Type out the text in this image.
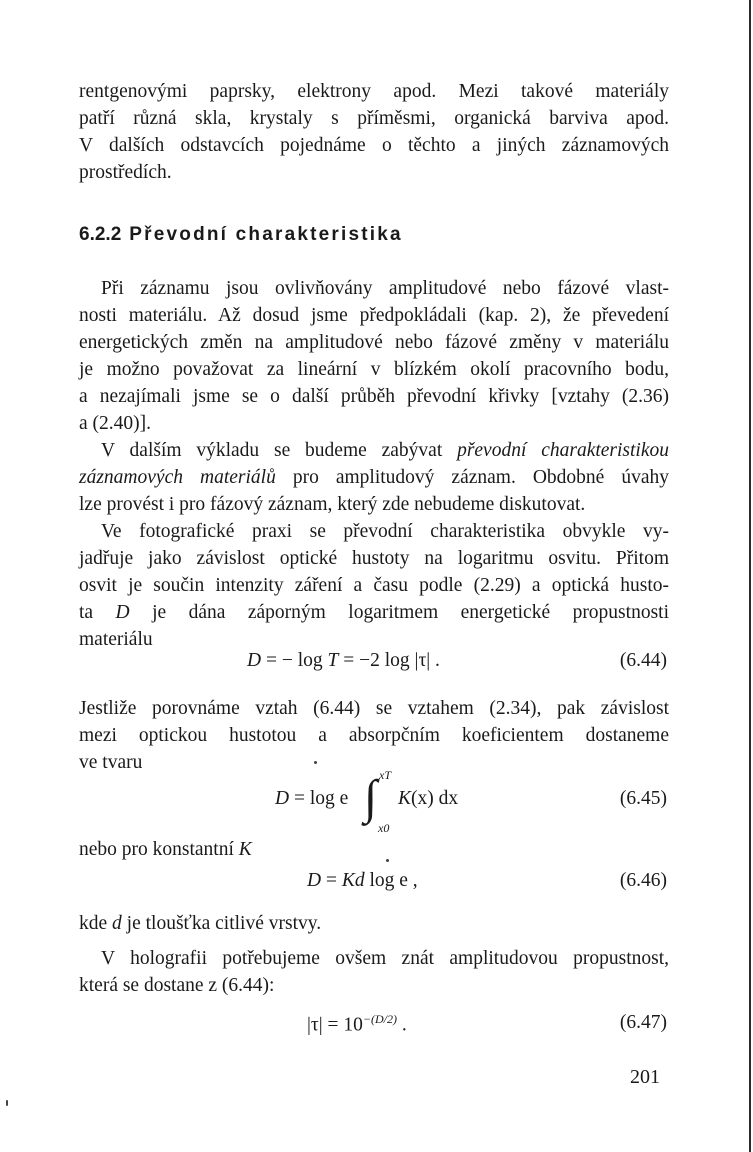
rentgenovými paprsky, elektrony apod. Mezi takové materiály
patří různá skla, krystaly s příměsmi, organická barviva apod.
V dalších odstavcích pojednáme o těchto a jiných záznamových
prostředích.
6.2.2 Převodní charakteristika
Při záznamu jsou ovlivňovány amplitudové nebo fázové vlast-
nosti materiálu. Až dosud jsme předpokládali (kap. 2), že převedení
energetických změn na amplitudové nebo fázové změny v materiálu
je možno považovat za lineární v blízkém okolí pracovního bodu,
a nezajímali jsme se o další průběh převodní křivky [vztahy (2.36)
a (2.40)].
V dalším výkladu se budeme zabývat převodní charakteristikou
záznamových materiálů pro amplitudový záznam. Obdobné úvahy
lze provést i pro fázový záznam, který zde nebudeme diskutovat.
Ve fotografické praxi se převodní charakteristika obvykle vy-
jadřuje jako závislost optické hustoty na logaritmu osvitu. Přitom
osvit je součin intenzity záření a času podle (2.29) a optická husto-
ta D je dána záporným logaritmem energetické propustnosti
materiálu
D = − log T = −2 log |τ| .	(6.44)
Jestliže porovnáme vztah (6.44) se vztahem (2.34), pak závislost
mezi optickou hustotou a absorpčním koeficientem dostaneme
ve tvaru
D = log e ∫ xT
x0
K(x) dx	(6.45)
nebo pro konstantní K
D = Kd log e ,	(6.46)
kde d je tloušťka citlivé vrstvy.
V holografii potřebujeme ovšem znát amplitudovou propustnost,
která se dostane z (6.44):
$|\tau| = 10^{-(D/2)}$ .	(6.47)
201
